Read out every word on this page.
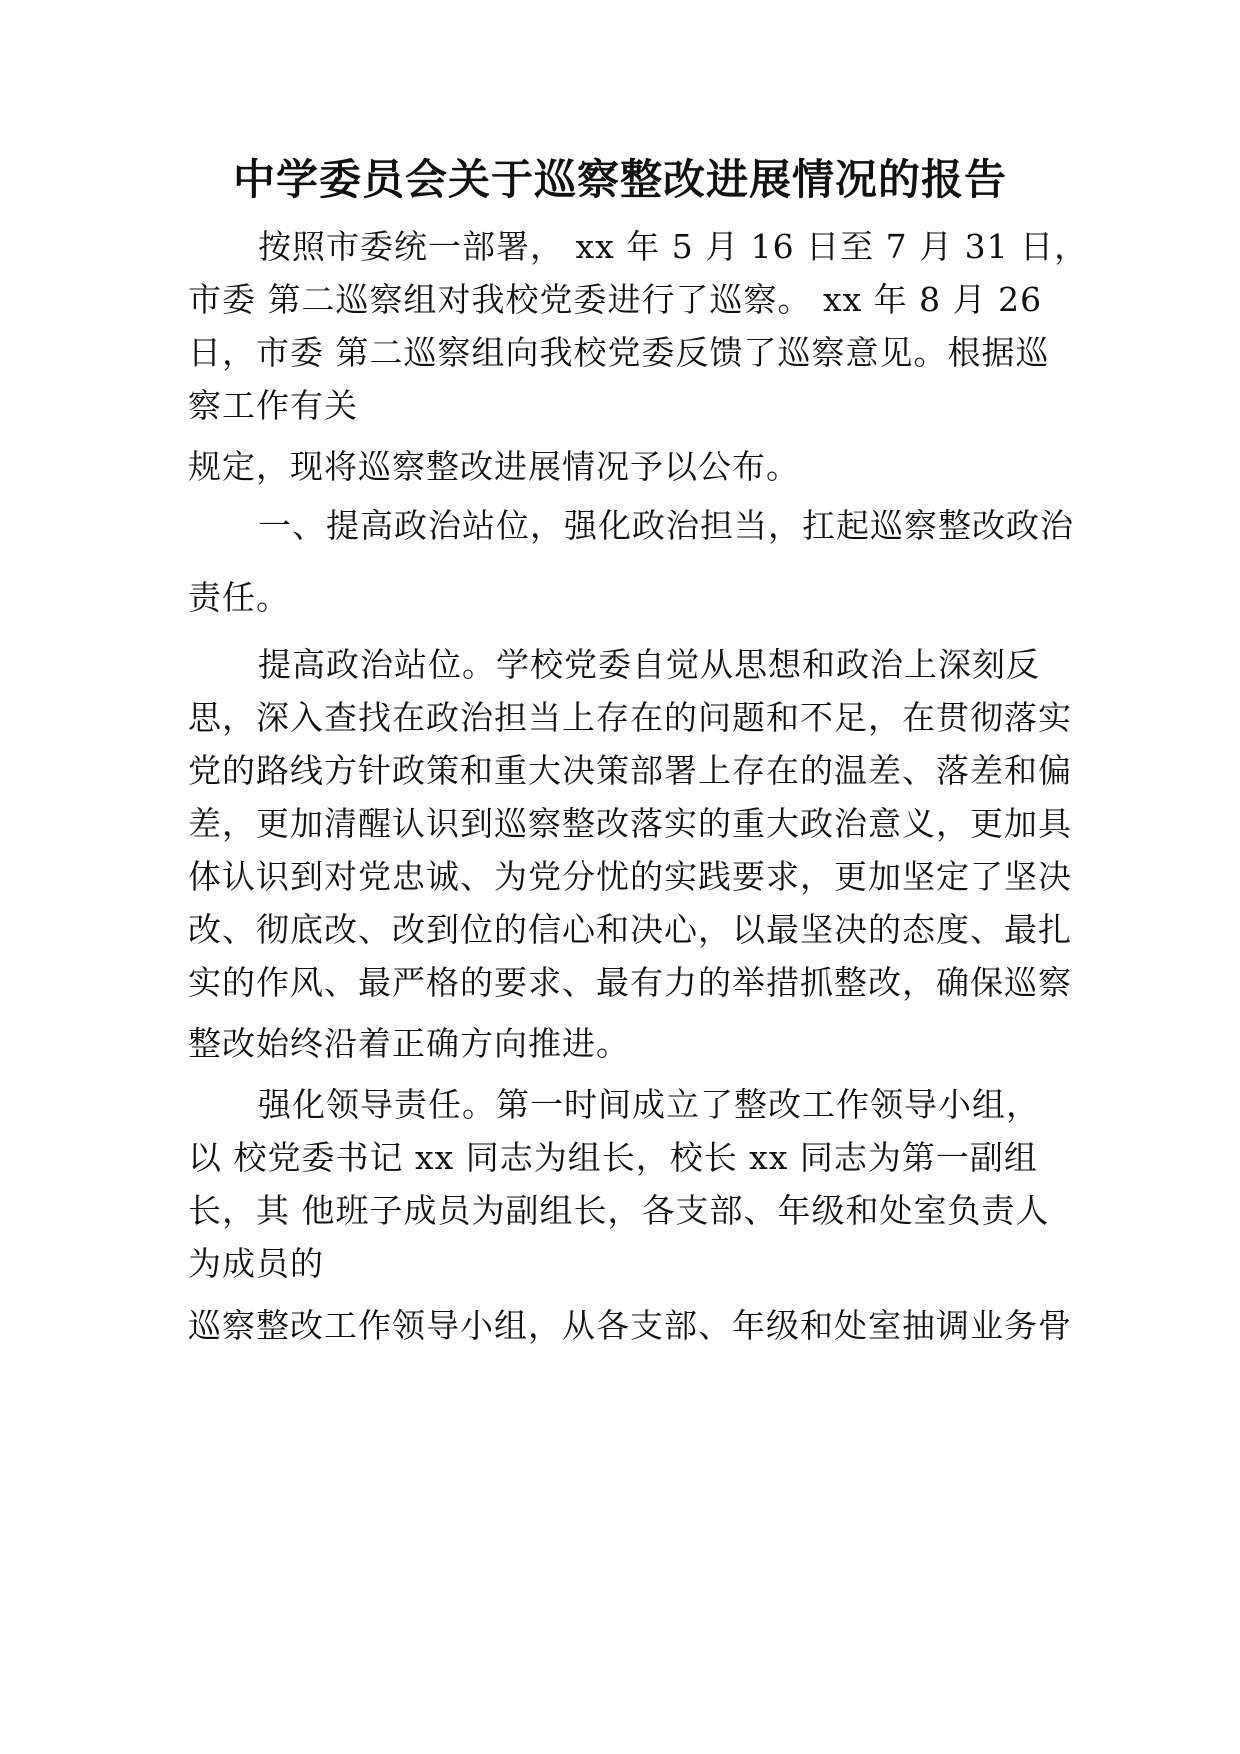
中学委员会关于巡察整改进展情况的报告

按照市委统一部署， xx 年 5 月 16 日至 7 月 31 日，

市委 第二巡察组对我校党委进行了巡察。 xx 年 8 月 26

日，市委 第二巡察组向我校党委反馈了巡察意见。根据巡

察工作有关

规定，现将巡察整改进展情况予以公布。

一、提高政治站位，强化政治担当，扛起巡察整改政治

责任。

提高政治站位。学校党委自觉从思想和政治上深刻反

思，深入查找在政治担当上存在的问题和不足，在贯彻落实

党的路线方针政策和重大决策部署上存在的温差、落差和偏

差，更加清醒认识到巡察整改落实的重大政治意义，更加具

体认识到对党忠诚、为党分忧的实践要求，更加坚定了坚决

改、彻底改、改到位的信心和决心，以最坚决的态度、最扎

实的作风、最严格的要求、最有力的举措抓整改，确保巡察

整改始终沿着正确方向推进。

强化领导责任。第一时间成立了整改工作领导小组，

以 校党委书记 xx 同志为组长，校长 xx 同志为第一副组

长，其 他班子成员为副组长，各支部、年级和处室负责人

为成员的

巡察整改工作领导小组，从各支部、年级和处室抽调业务骨
